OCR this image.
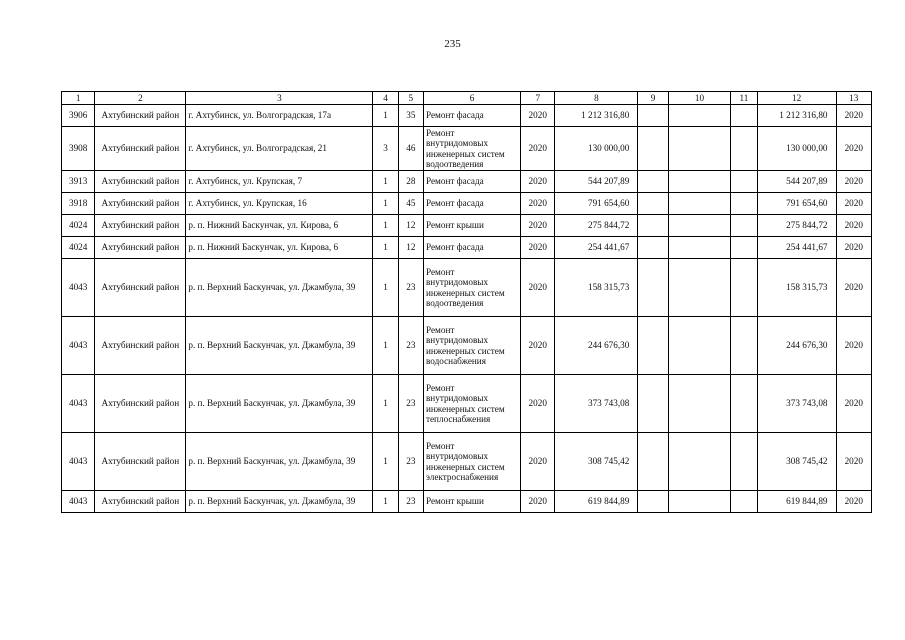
235
1	2	3	4	5	6	7	8	9	10	11	12	13
3906	Ахтубинский район	г. Ахтубинск, ул. Волгоградская, 17а	1	35	Ремонт фасада	2020	1 212 316,80				1 212 316,80	2020
3908	Ахтубинский район	г. Ахтубинск, ул. Волгоградская, 21	3	46	Ремонт внутридомовых инженерных систем водоотведения	2020	130 000,00				130 000,00	2020
3913	Ахтубинский район	г. Ахтубинск, ул. Крупская, 7	1	28	Ремонт фасада	2020	544 207,89				544 207,89	2020
3918	Ахтубинский район	г. Ахтубинск, ул. Крупская, 16	1	45	Ремонт фасада	2020	791 654,60				791 654,60	2020
4024	Ахтубинский район	р. п. Нижний Баскунчак, ул. Кирова, 6	1	12	Ремонт крыши	2020	275 844,72				275 844,72	2020
4024	Ахтубинский район	р. п. Нижний Баскунчак, ул. Кирова, 6	1	12	Ремонт фасада	2020	254 441,67				254 441,67	2020
4043	Ахтубинский район	р. п. Верхний Баскунчак, ул. Джамбула, 39	1	23	Ремонт внутридомовых инженерных систем водоотведения	2020	158 315,73				158 315,73	2020
4043	Ахтубинский район	р. п. Верхний Баскунчак, ул. Джамбула, 39	1	23	Ремонт внутридомовых инженерных систем водоснабжения	2020	244 676,30				244 676,30	2020
4043	Ахтубинский район	р. п. Верхний Баскунчак, ул. Джамбула, 39	1	23	Ремонт внутридомовых инженерных систем теплоснабжения	2020	373 743,08				373 743,08	2020
4043	Ахтубинский район	р. п. Верхний Баскунчак, ул. Джамбула, 39	1	23	Ремонт внутридомовых инженерных систем электроснабжения	2020	308 745,42				308 745,42	2020
4043	Ахтубинский район	р. п. Верхний Баскунчак, ул. Джамбула, 39	1	23	Ремонт крыши	2020	619 844,89				619 844,89	2020
